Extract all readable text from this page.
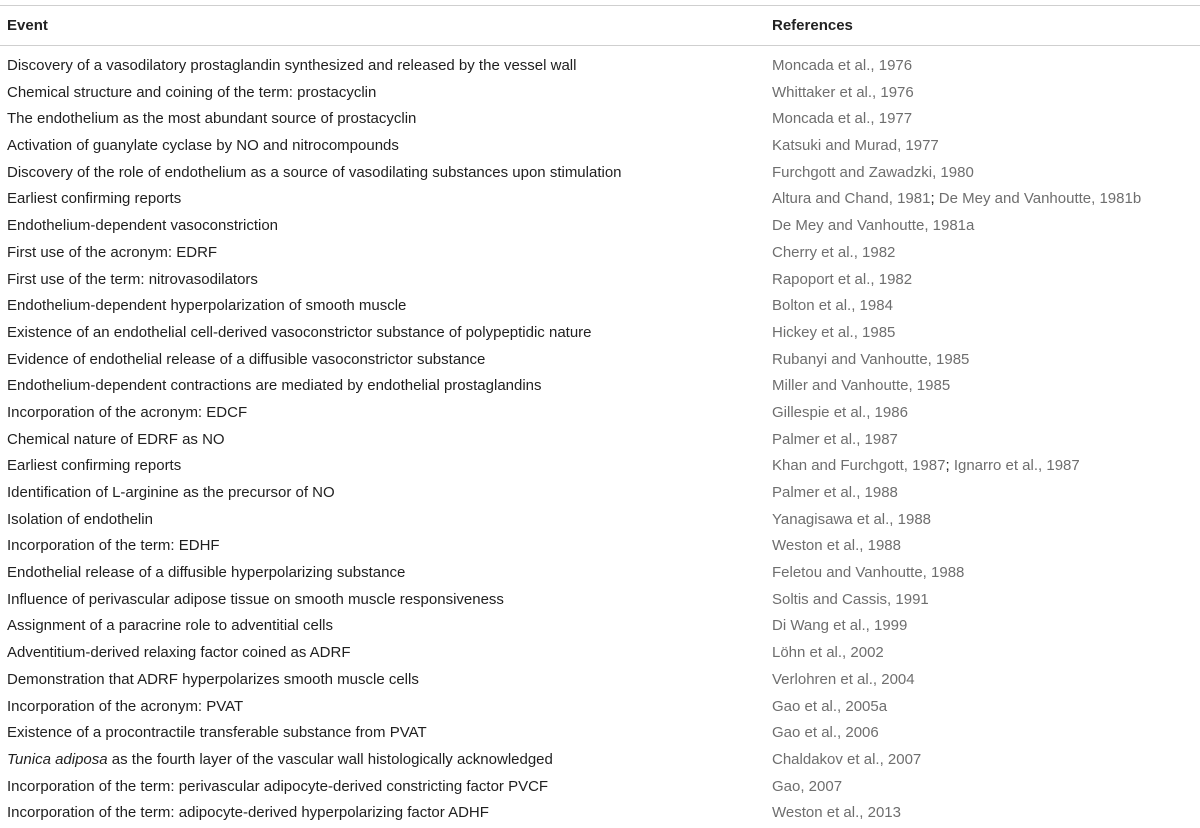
Event	References
Discovery of a vasodilatory prostaglandin synthesized and released by the vessel wall	Moncada et al., 1976
Chemical structure and coining of the term: prostacyclin	Whittaker et al., 1976
The endothelium as the most abundant source of prostacyclin	Moncada et al., 1977
Activation of guanylate cyclase by NO and nitrocompounds	Katsuki and Murad, 1977
Discovery of the role of endothelium as a source of vasodilating substances upon stimulation	Furchgott and Zawadzki, 1980
Earliest confirming reports	Altura and Chand, 1981; De Mey and Vanhoutte, 1981b
Endothelium-dependent vasoconstriction	De Mey and Vanhoutte, 1981a
First use of the acronym: EDRF	Cherry et al., 1982
First use of the term: nitrovasodilators	Rapoport et al., 1982
Endothelium-dependent hyperpolarization of smooth muscle	Bolton et al., 1984
Existence of an endothelial cell-derived vasoconstrictor substance of polypeptidic nature	Hickey et al., 1985
Evidence of endothelial release of a diffusible vasoconstrictor substance	Rubanyi and Vanhoutte, 1985
Endothelium-dependent contractions are mediated by endothelial prostaglandins	Miller and Vanhoutte, 1985
Incorporation of the acronym: EDCF	Gillespie et al., 1986
Chemical nature of EDRF as NO	Palmer et al., 1987
Earliest confirming reports	Khan and Furchgott, 1987; Ignarro et al., 1987
Identification of L-arginine as the precursor of NO	Palmer et al., 1988
Isolation of endothelin	Yanagisawa et al., 1988
Incorporation of the term: EDHF	Weston et al., 1988
Endothelial release of a diffusible hyperpolarizing substance	Feletou and Vanhoutte, 1988
Influence of perivascular adipose tissue on smooth muscle responsiveness	Soltis and Cassis, 1991
Assignment of a paracrine role to adventitial cells	Di Wang et al., 1999
Adventitium-derived relaxing factor coined as ADRF	Löhn et al., 2002
Demonstration that ADRF hyperpolarizes smooth muscle cells	Verlohren et al., 2004
Incorporation of the acronym: PVAT	Gao et al., 2005a
Existence of a procontractile transferable substance from PVAT	Gao et al., 2006
Tunica adiposa as the fourth layer of the vascular wall histologically acknowledged	Chaldakov et al., 2007
Incorporation of the term: perivascular adipocyte-derived constricting factor PVCF	Gao, 2007
Incorporation of the term: adipocyte-derived hyperpolarizing factor ADHF	Weston et al., 2013
